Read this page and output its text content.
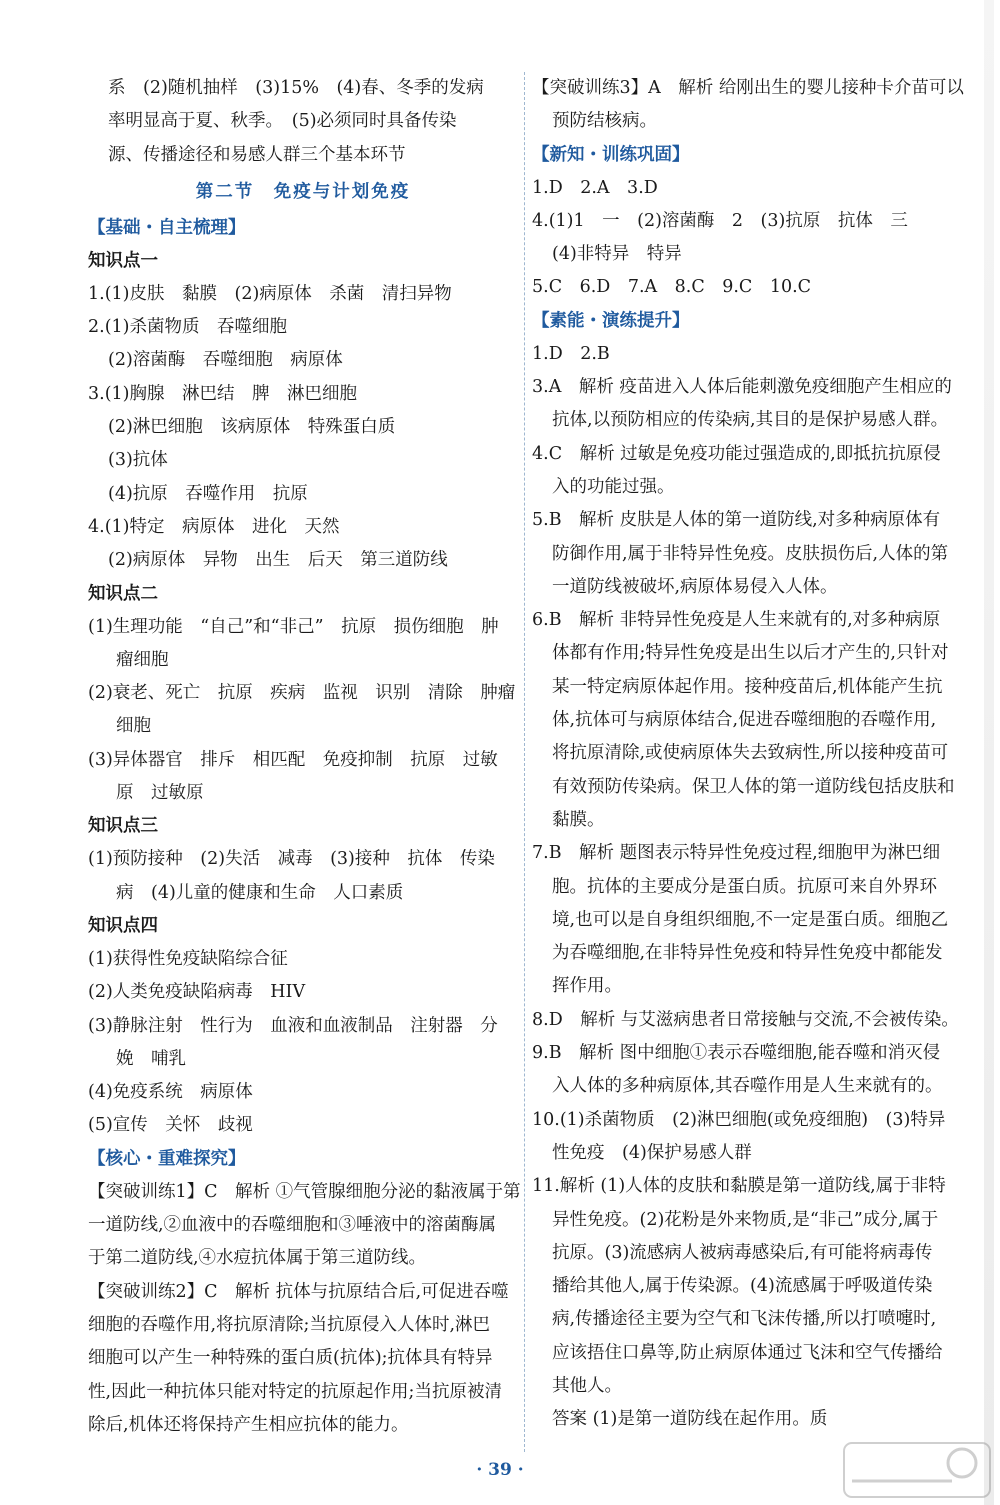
系　(2)随机抽样　(3)15%　(4)春、冬季的发病
率明显高于夏、秋季。　(5)必须同时具备传染
源、传播途径和易感人群三个基本环节
第二节　免疫与计划免疫
【基础・自主梳理】
知识点一
1.(1)皮肤　黏膜　(2)病原体　杀菌　清扫异物
2.(1)杀菌物质　吞噬细胞
(2)溶菌酶　吞噬细胞　病原体
3.(1)胸腺　淋巴结　脾　淋巴细胞
(2)淋巴细胞　该病原体　特殊蛋白质
(3)抗体
(4)抗原　吞噬作用　抗原
4.(1)特定　病原体　进化　天然
(2)病原体　异物　出生　后天　第三道防线
知识点二
(1)生理功能　“自己”和“非己”　抗原　损伤细胞　肿
瘤细胞
(2)衰老、死亡　抗原　疾病　监视　识别　清除　肿瘤
细胞
(3)异体器官　排斥　相匹配　免疫抑制　抗原　过敏
原　过敏原
知识点三
(1)预防接种　(2)失活　减毒　(3)接种　抗体　传染
病　(4)儿童的健康和生命　人口素质
知识点四
(1)获得性免疫缺陷综合征
(2)人类免疫缺陷病毒　HIV
(3)静脉注射　性行为　血液和血液制品　注射器　分
娩　哺乳
(4)免疫系统　病原体
(5)宣传　关怀　歧视
【核心・重难探究】
【突破训练1】C　解析 ①气管腺细胞分泌的黏液属于第
一道防线,②血液中的吞噬细胞和③唾液中的溶菌酶属
于第二道防线,④水痘抗体属于第三道防线。
【突破训练2】C　解析 抗体与抗原结合后,可促进吞噬
细胞的吞噬作用,将抗原清除;当抗原侵入人体时,淋巴
细胞可以产生一种特殊的蛋白质(抗体);抗体具有特异
性,因此一种抗体只能对特定的抗原起作用;当抗原被清
除后,机体还将保持产生相应抗体的能力。
【突破训练3】A　解析 给刚出生的婴儿接种卡介苗可以
预防结核病。
【新知・训练巩固】
1.D　2.A　3.D
4.(1)1　一　(2)溶菌酶　2　(3)抗原　抗体　三
(4)非特异　特异
5.C　6.D　7.A　8.C　9.C　10.C
【素能・演练提升】
1.D　2.B
3.A　解析 疫苗进入人体后能刺激免疫细胞产生相应的
抗体,以预防相应的传染病,其目的是保护易感人群。
4.C　解析 过敏是免疫功能过强造成的,即抵抗抗原侵
入的功能过强。
5.B　解析 皮肤是人体的第一道防线,对多种病原体有
防御作用,属于非特异性免疫。皮肤损伤后,人体的第
一道防线被破坏,病原体易侵入人体。
6.B　解析 非特异性免疫是人生来就有的,对多种病原
体都有作用;特异性免疫是出生以后才产生的,只针对
某一特定病原体起作用。接种疫苗后,机体能产生抗
体,抗体可与病原体结合,促进吞噬细胞的吞噬作用,
将抗原清除,或使病原体失去致病性,所以接种疫苗可
有效预防传染病。保卫人体的第一道防线包括皮肤和
黏膜。
7.B　解析 题图表示特异性免疫过程,细胞甲为淋巴细
胞。抗体的主要成分是蛋白质。抗原可来自外界环
境,也可以是自身组织细胞,不一定是蛋白质。细胞乙
为吞噬细胞,在非特异性免疫和特异性免疫中都能发
挥作用。
8.D　解析 与艾滋病患者日常接触与交流,不会被传染。
9.B　解析 图中细胞①表示吞噬细胞,能吞噬和消灭侵
入人体的多种病原体,其吞噬作用是人生来就有的。
10.(1)杀菌物质　(2)淋巴细胞(或免疫细胞)　(3)特异
性免疫　(4)保护易感人群
11.解析 (1)人体的皮肤和黏膜是第一道防线,属于非特
异性免疫。(2)花粉是外来物质,是“非己”成分,属于
抗原。(3)流感病人被病毒感染后,有可能将病毒传
播给其他人,属于传染源。(4)流感属于呼吸道传染
病,传播途径主要为空气和飞沫传播,所以打喷嚏时,
应该捂住口鼻等,防止病原体通过飞沫和空气传播给
其他人。
答案 (1)是第一道防线在起作用。质
· 39 ·
